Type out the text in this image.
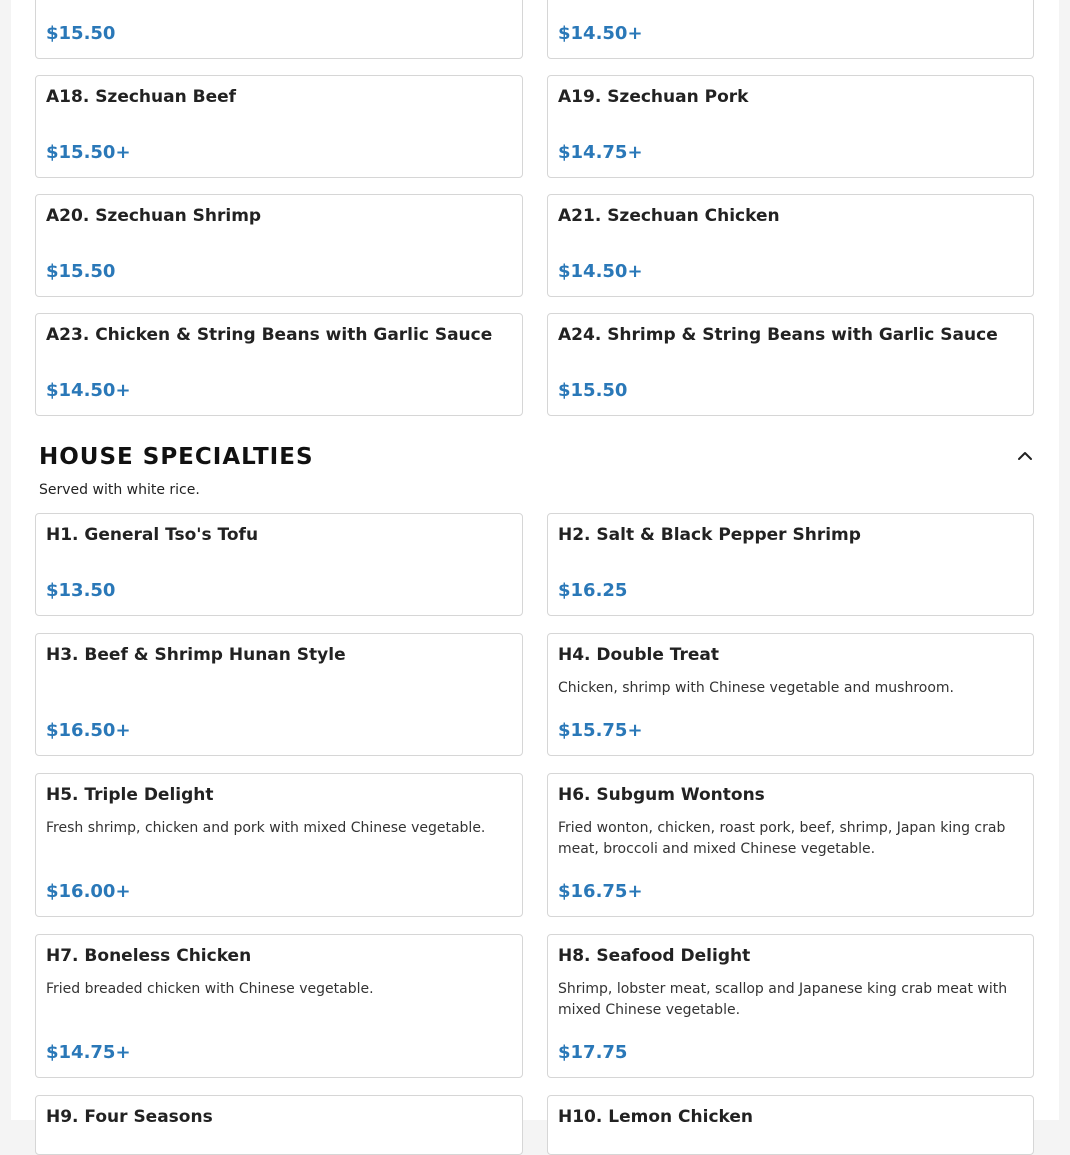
$15.50	$14.50+
A18. Szechuan Beef
$15.50+
A19. Szechuan Pork
$14.75+
A20. Szechuan Shrimp
$15.50
A21. Szechuan Chicken
$14.50+
A23. Chicken & String Beans with Garlic Sauce
$14.50+
A24. Shrimp & String Beans with Garlic Sauce
$15.50
HOUSE SPECIALTIES
Served with white rice.
H1. General Tso's Tofu
$13.50
H2. Salt & Black Pepper Shrimp
$16.25
H3. Beef & Shrimp Hunan Style
$16.50+
H4. Double Treat
Chicken, shrimp with Chinese vegetable and mushroom.
$15.75+
H5. Triple Delight
Fresh shrimp, chicken and pork with mixed Chinese vegetable.
$16.00+
H6. Subgum Wontons
Fried wonton, chicken, roast pork, beef, shrimp, Japan king crab meat, broccoli and mixed Chinese vegetable.
$16.75+
H7. Boneless Chicken
Fried breaded chicken with Chinese vegetable.
$14.75+
H8. Seafood Delight
Shrimp, lobster meat, scallop and Japanese king crab meat with mixed Chinese vegetable.
$17.75
H9. Four Seasons	H10. Lemon Chicken
